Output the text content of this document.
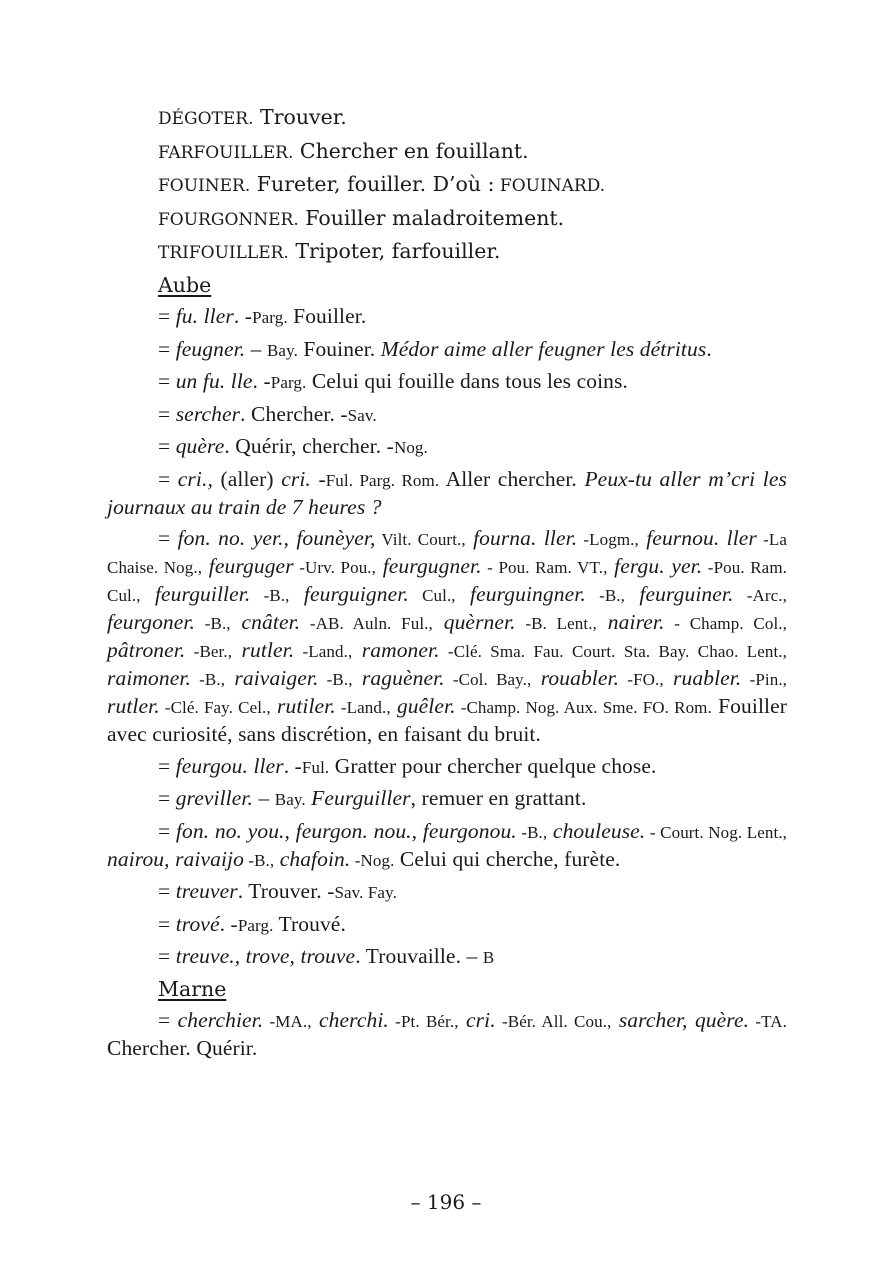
DÉGOTER. Trouver.

FARFOUILLER. Chercher en fouillant.

FOUINER. Fureter, fouiller. D’où : FOUINARD.

FOURGONNER. Fouiller maladroitement.

TRIFOUILLER. Tripoter, farfouiller.

Aube

= fu. ller. -Parg. Fouiller.

= feugner. – Bay. Fouiner. Médor aime aller feugner les détritus.

= un fu. lle. -Parg. Celui qui fouille dans tous les coins.

= sercher. Chercher. -Sav.

= quère. Quérir, chercher. -Nog.

= cri., (aller) cri. -Ful. Parg. Rom. Aller chercher. Peux-tu aller m’cri les journaux au train de 7 heures ?

= fon. no. yer., founèyer, Vilt. Court., fourna. ller. -Logm., feurnou. ller -La Chaise. Nog., feurguger -Urv. Pou., feurgugner. - Pou. Ram. VT., fergu. yer. -Pou. Ram. Cul., feurguiller. -B., feurguigner. Cul., feurguingner. -B., feurguiner. -Arc., feurgoner. -B., cnâter. -AB. Auln. Ful., quèrner. -B. Lent., nairer. - Champ. Col., pâtroner. -Ber., rutler. -Land., ramoner. -Clé. Sma. Fau. Court. Sta. Bay. Chao. Lent., raimoner. -B., raivaiger. -B., raguèner. -Col. Bay., rouabler. -FO., ruabler. -Pin., rutler. -Clé. Fay. Cel., rutiler. -Land., guêler. -Champ. Nog. Aux. Sme. FO. Rom. Fouiller avec curiosité, sans discrétion, en faisant du bruit.

= feurgou. ller. -Ful. Gratter pour chercher quelque chose.

= greviller. – Bay. Feurguiller, remuer en grattant.

= fon. no. you., feurgon. nou., feurgonou. -B., chouleuse. - Court. Nog. Lent., nairou, raivaijo -B., chafoin. -Nog. Celui qui cherche, furète.

= treuver. Trouver. -Sav. Fay.

= trové. -Parg. Trouvé.

= treuve., trove, trouve. Trouvaille. – B

Marne

= cherchier. -MA., cherchi. -Pt. Bér., cri. -Bér. All. Cou., sarcher, quère. -TA. Chercher. Quérir.

– 196 –
